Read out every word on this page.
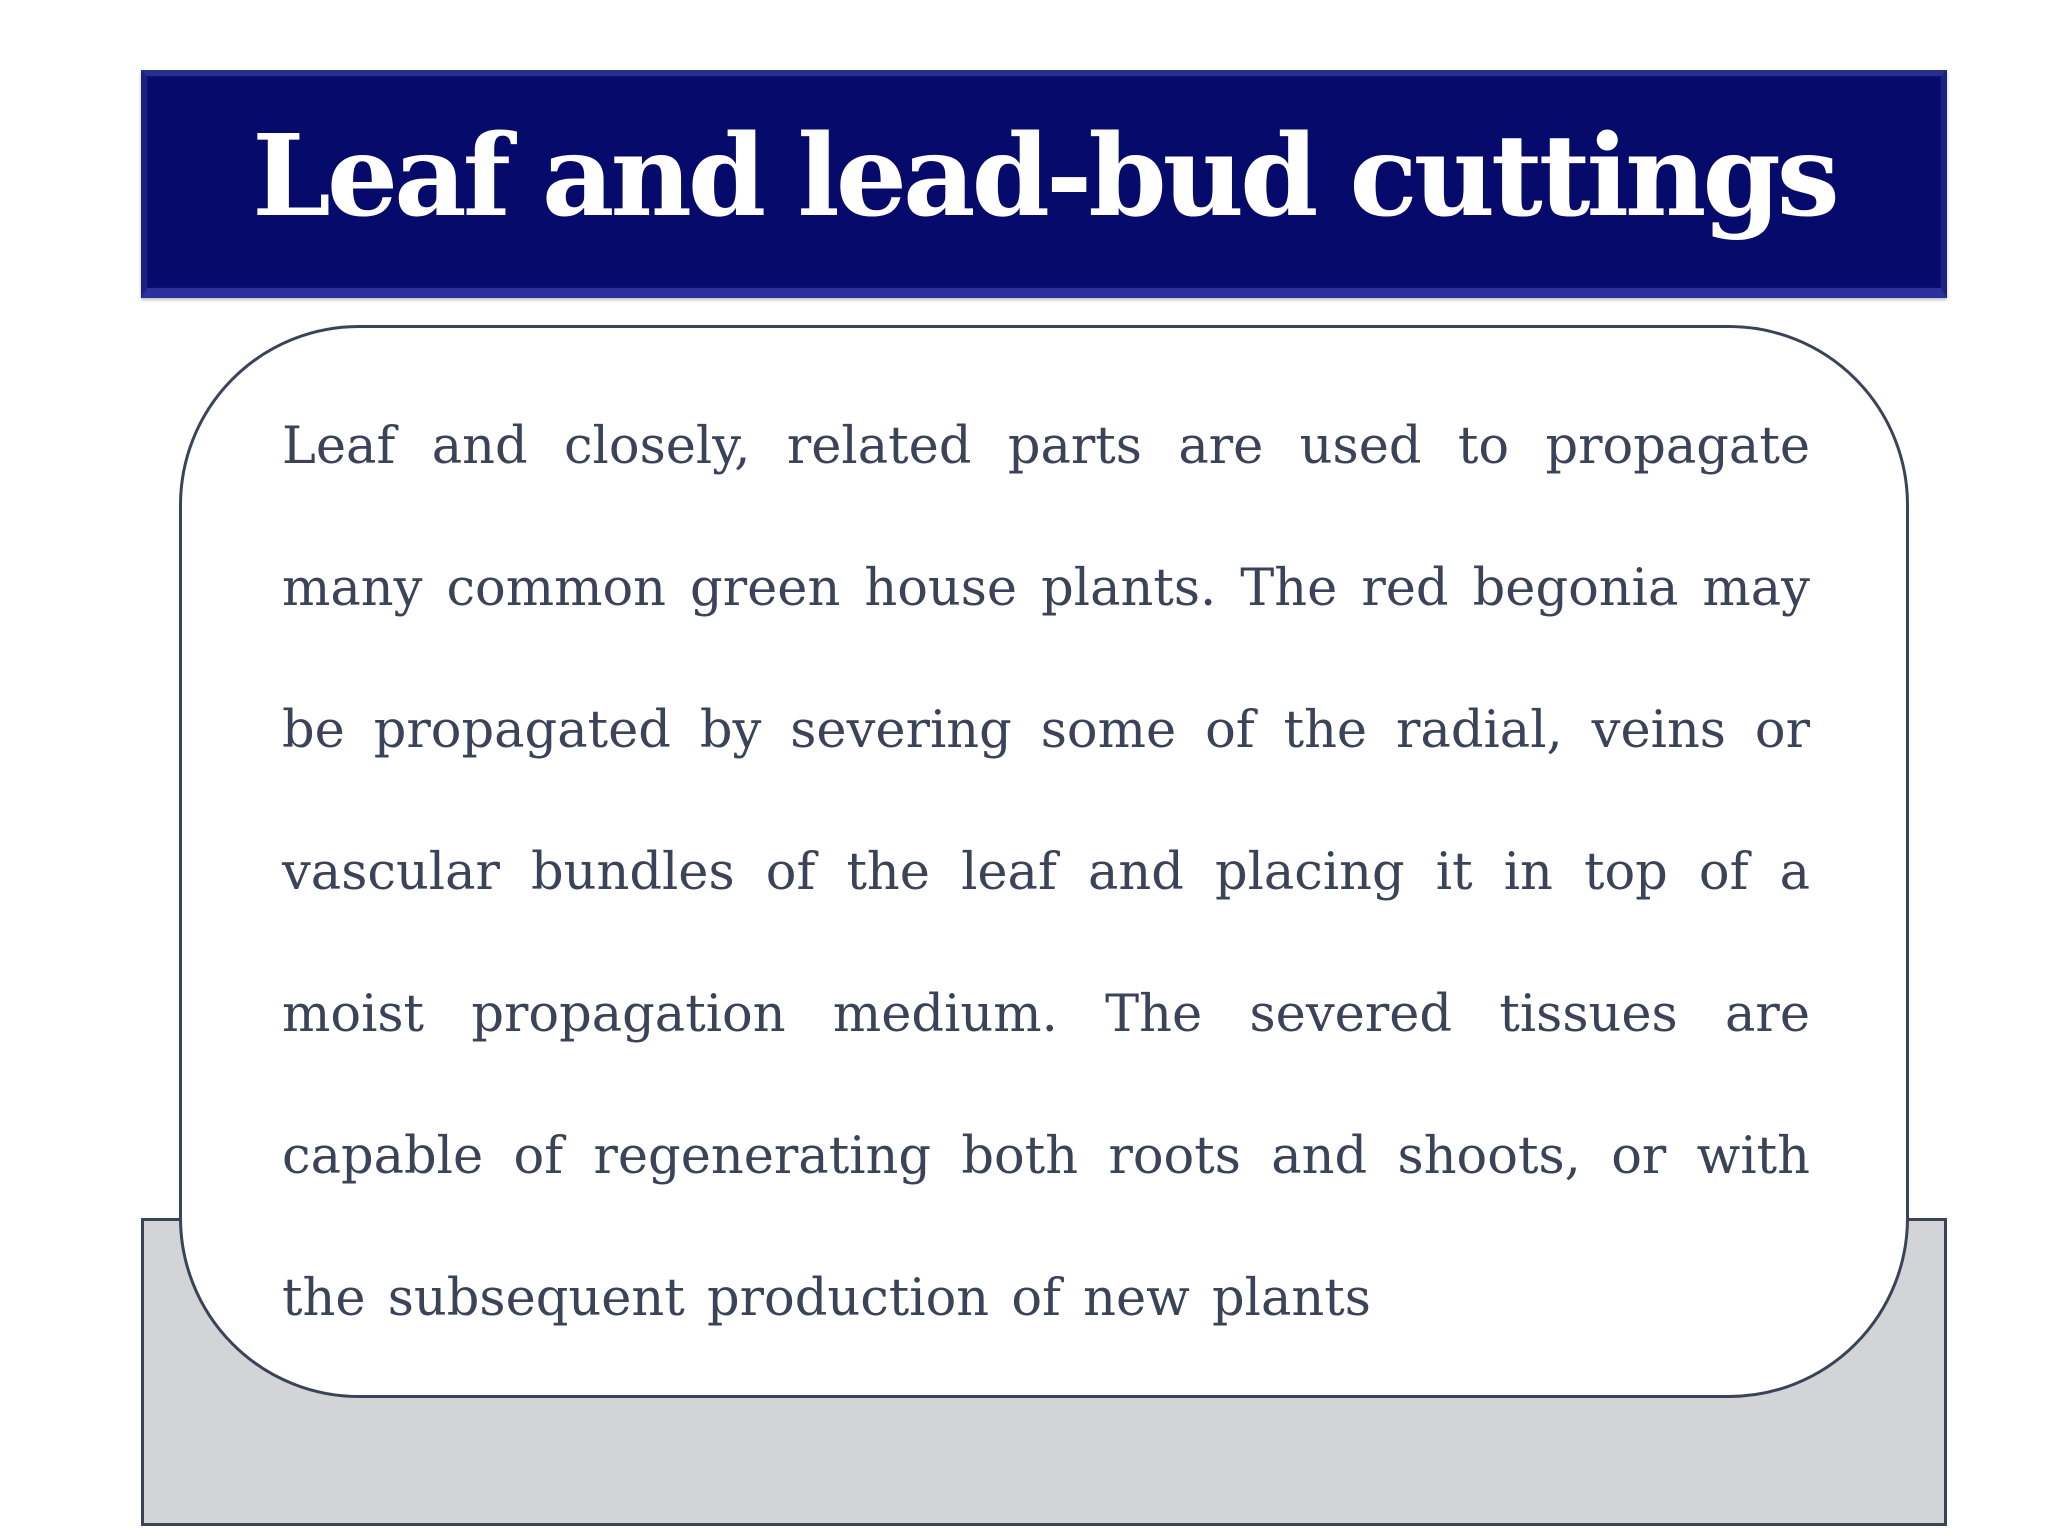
Leaf and lead-bud cuttings

Leaf and closely, related parts are used to propagate many common green house plants. The red begonia may be propagated by severing some of the radial, veins or vascular bundles of the leaf and placing it in top of a moist propagation medium. The severed tissues are capable of regenerating both roots and shoots, or with the subsequent production of new plants
